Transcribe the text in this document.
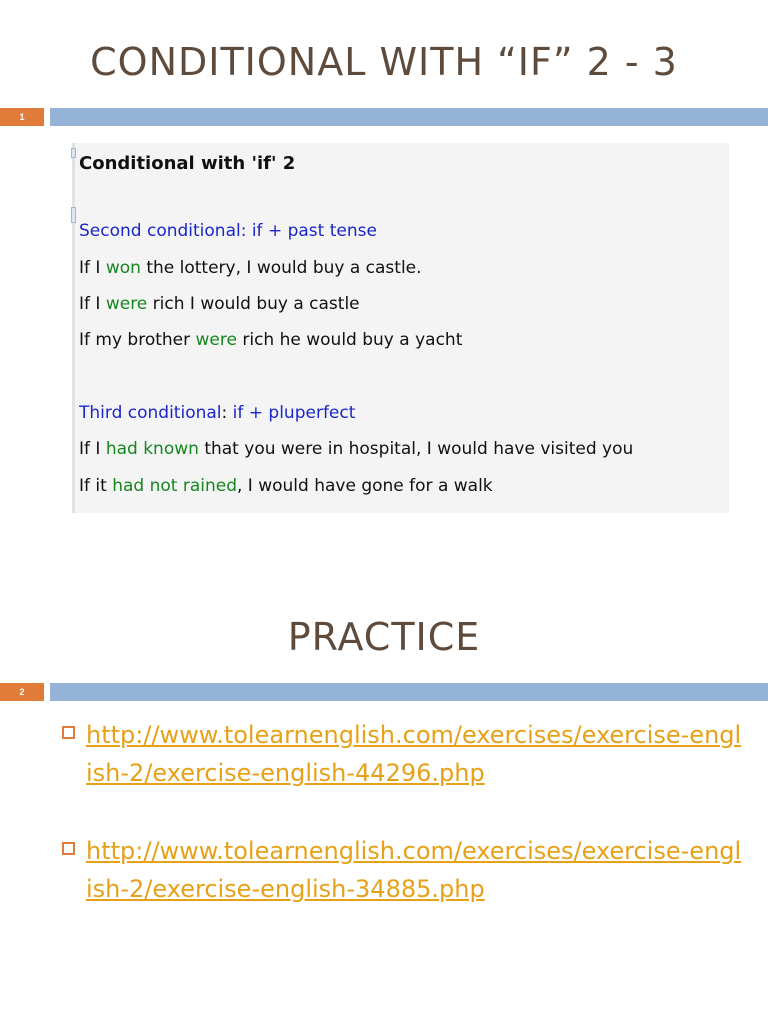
CONDITIONAL WITH “IF” 2 - 3
1
Conditional with 'if' 2
Second conditional: if + past tense
If I won the lottery, I would buy a castle.
If I were rich I would buy a castle
If my brother were rich he would buy a yacht
Third conditional: if + pluperfect
If I had known that you were in hospital, I would have visited you
If it had not rained, I would have gone for a walk
PRACTICE
2
http://www.tolearnenglish.com/exercises/exercise-english-2/exercise-english-44296.php
http://www.tolearnenglish.com/exercises/exercise-english-2/exercise-english-34885.php
